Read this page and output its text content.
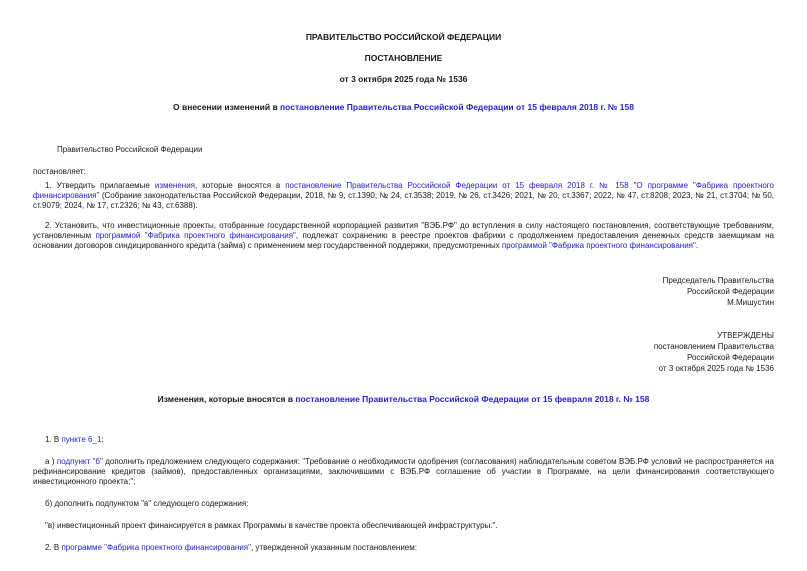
ПРАВИТЕЛЬСТВО РОССИЙСКОЙ ФЕДЕРАЦИИ
ПОСТАНОВЛЕНИЕ
от 3 октября 2025 года № 1536
О внесении изменений в постановление Правительства Российской Федерации от 15 февраля 2018 г. № 158
Правительство Российской Федерации
постановляет:
1. Утвердить прилагаемые изменения, которые вносятся в постановление Правительства Российской Федерации от 15 февраля 2018 г. № 158 "О программе "Фабрика проектного финансирования" (Собрание законодательства Российской Федерации, 2018, № 9, ст.1390; № 24, ст.3538; 2019, № 26, ст.3426; 2021, № 20, ст.3367; 2022, № 47, ст.8208; 2023, № 21, ст.3704; № 50, ст.9079; 2024, № 17, ст.2326; № 43, ст.6388).
2. Установить, что инвестиционные проекты, отобранные государственной корпорацией развития "ВЭБ.РФ" до вступления в силу настоящего постановления, соответствующие требованиям, установленным программой "Фабрика проектного финансирования", подлежат сохранению в реестре проектов фабрики с продолжением предоставления денежных средств заемщикам на основании договоров синдицированного кредита (займа) с применением мер государственной поддержки, предусмотренных программой "Фабрика проектного финансирования".
Председатель Правительства
Российской Федерации
М.Мишустин
УТВЕРЖДЕНЫ
постановлением Правительства
Российской Федерации
от 3 октября 2025 года № 1536
Изменения, которые вносятся в постановление Правительства Российской Федерации от 15 февраля 2018 г. № 158
1. В пункте 6_1:
а ) подпункт "б" дополнить предложением следующего содержания: "Требование о необходимости одобрения (согласования) наблюдательным советом ВЭБ.РФ условий не распространяется на рефинансирование кредитов (займов), предоставленных организациями, заключившими с ВЭБ.РФ соглашение об участии в Программе, на цели финансирования соответствующего инвестиционного проекта;";
б) дополнить подпунктом "в" следующего содержания:
"в) инвестиционный проект финансируется в рамках Программы в качестве проекта обеспечивающей инфраструктуры.".
2. В программе "Фабрика проектного финансирования", утвержденной указанным постановлением:
